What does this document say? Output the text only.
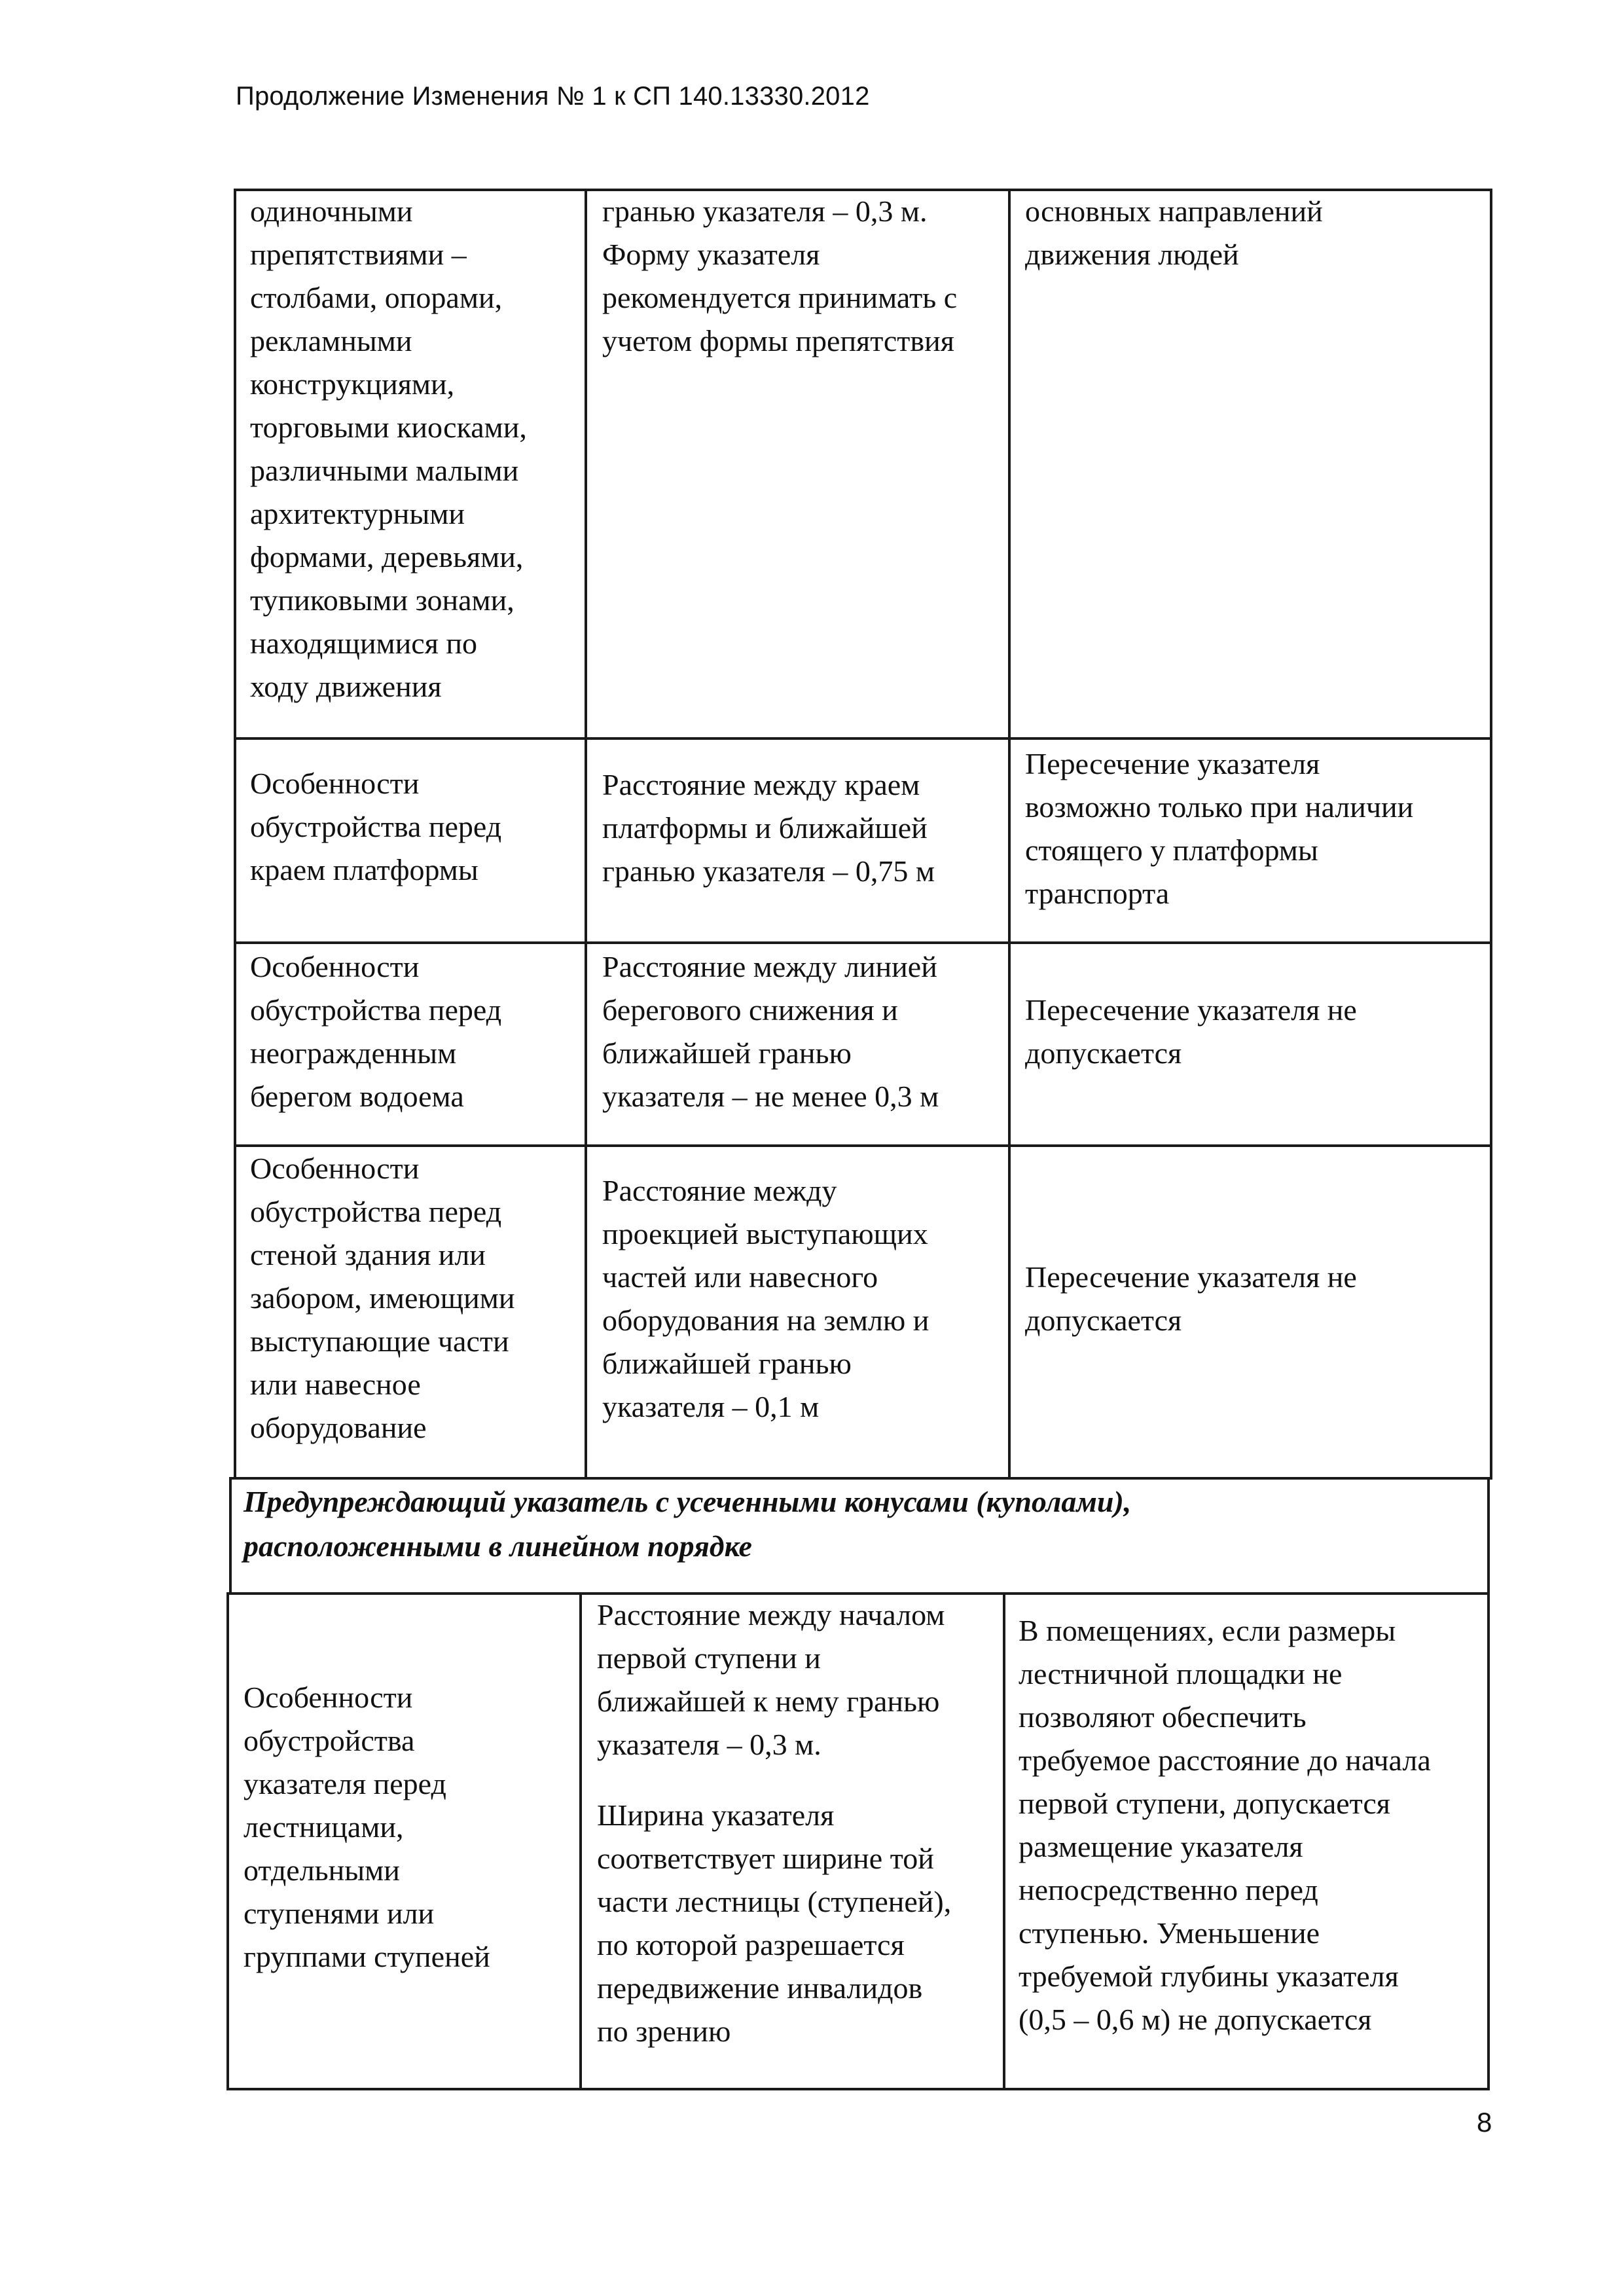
Продолжение Изменения № 1 к СП 140.13330.2012
одиночными
препятствиями –
столбами, опорами,
рекламными
конструкциями,
торговыми киосками,
различными малыми
архитектурными
формами, деревьями,
тупиковыми зонами,
находящимися по
ходу движения
гранью указателя – 0,3 м.
Форму указателя
рекомендуется принимать с
учетом формы препятствия
основных направлений
движения людей
Особенности
обустройства перед
краем платформы
Расстояние между краем
платформы и ближайшей
гранью указателя – 0,75 м
Пересечение указателя
возможно только при наличии
стоящего у платформы
транспорта
Особенности
обустройства перед
неогражденным
берегом водоема
Расстояние между линией
берегового снижения и
ближайшей гранью
указателя – не менее 0,3 м
Пересечение указателя не
допускается
Особенности
обустройства перед
стеной здания или
забором, имеющими
выступающие части
или навесное
оборудование
Расстояние между
проекцией выступающих
частей или навесного
оборудования на землю и
ближайшей гранью
указателя – 0,1 м
Пересечение указателя не
допускается
Предупреждающий указатель с усеченными конусами (куполами),
расположенными в линейном порядке
Особенности
обустройства
указателя перед
лестницами,
отдельными
ступенями или
группами ступеней
Расстояние между началом
первой ступени и
ближайшей к нему гранью
указателя – 0,3 м.
Ширина указателя
соответствует ширине той
части лестницы (ступеней),
по которой разрешается
передвижение инвалидов
по зрению
В помещениях, если размеры
лестничной площадки не
позволяют обеспечить
требуемое расстояние до начала
первой ступени, допускается
размещение указателя
непосредственно перед
ступенью. Уменьшение
требуемой глубины указателя
(0,5 – 0,6 м) не допускается
8
